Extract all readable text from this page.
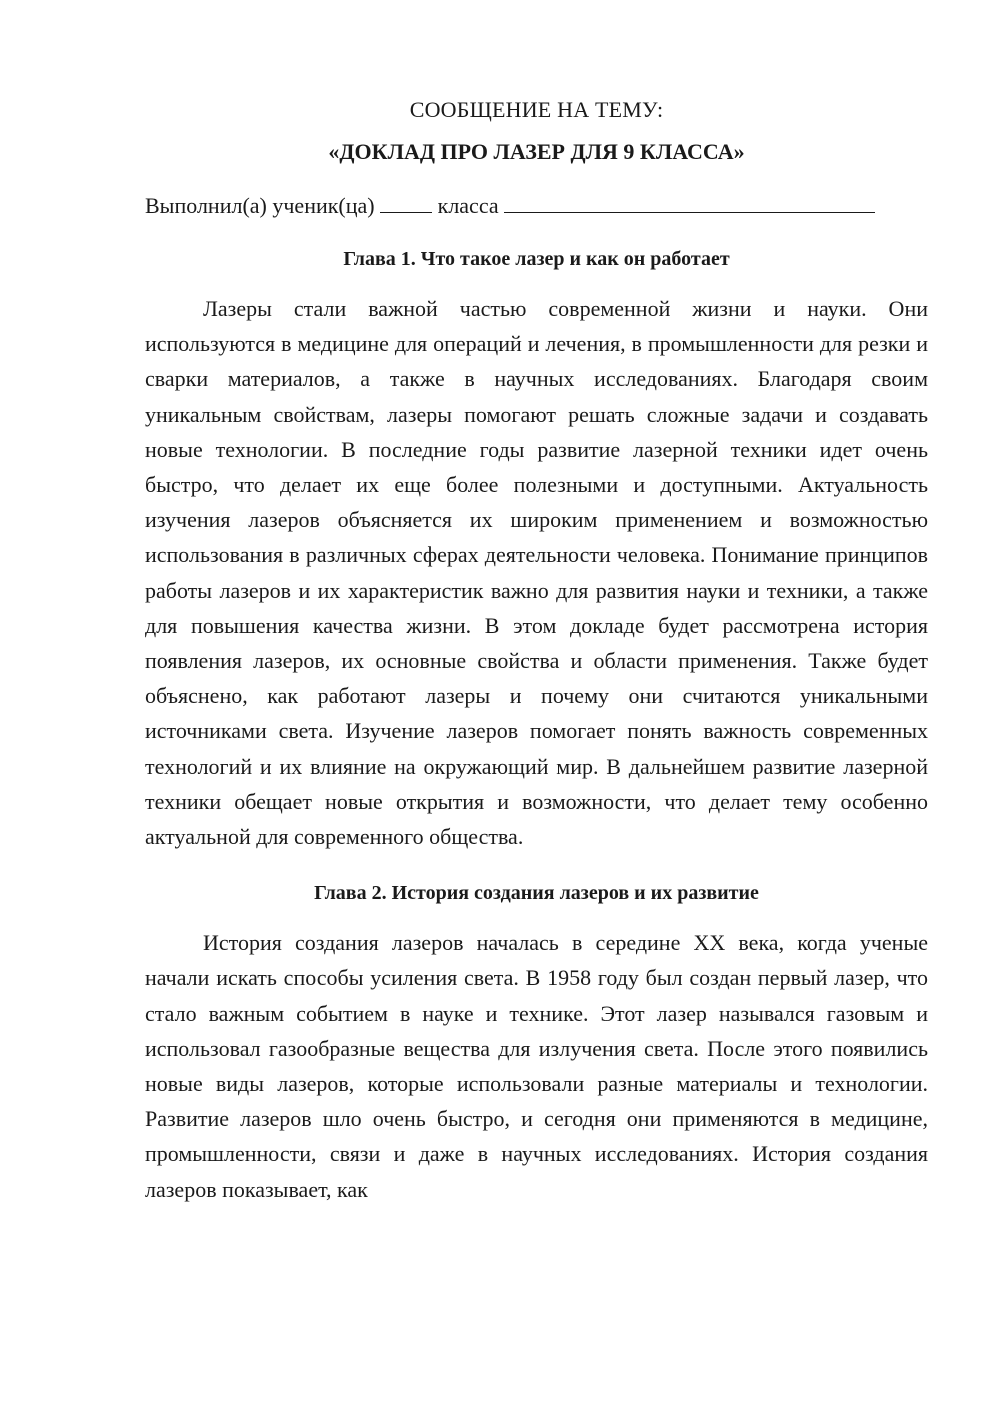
СООБЩЕНИЕ НА ТЕМУ:

«ДОКЛАД ПРО ЛАЗЕР ДЛЯ 9 КЛАССА»

Выполнил(а) ученик(ца)	класса
Глава 1. Что такое лазер и как он работает

Лазеры стали важной частью современной жизни и науки. Они используются в медицине для операций и лечения, в промышленности для резки и сварки материалов, а также в научных исследованиях. Благодаря своим уникальным свойствам, лазеры помогают решать сложные задачи и создавать новые технологии. В последние годы развитие лазерной техники идет очень быстро, что делает их еще более полезными и доступными. Актуальность изучения лазеров объясняется их широким применением и возможностью использования в различных сферах деятельности человека. Понимание принципов работы лазеров и их характеристик важно для развития науки и техники, а также для повышения качества жизни. В этом докладе будет рассмотрена история появления лазеров, их основные свойства и области применения. Также будет объяснено, как работают лазеры и почему они считаются уникальными источниками света. Изучение лазеров помогает понять важность современных технологий и их влияние на окружающий мир. В дальнейшем развитие лазерной техники обещает новые открытия и возможности, что делает тему особенно актуальной для современного общества.

Глава 2. История создания лазеров и их развитие

История создания лазеров началась в середине XX века, когда ученые начали искать способы усиления света. В 1958 году был создан первый лазер, что стало важным событием в науке и технике. Этот лазер назывался газовым и использовал газообразные вещества для излучения света. После этого появились новые виды лазеров, которые использовали разные материалы и технологии. Развитие лазеров шло очень быстро, и сегодня они применяются в медицине, промышленности, связи и даже в научных исследованиях. История создания лазеров показывает, как
